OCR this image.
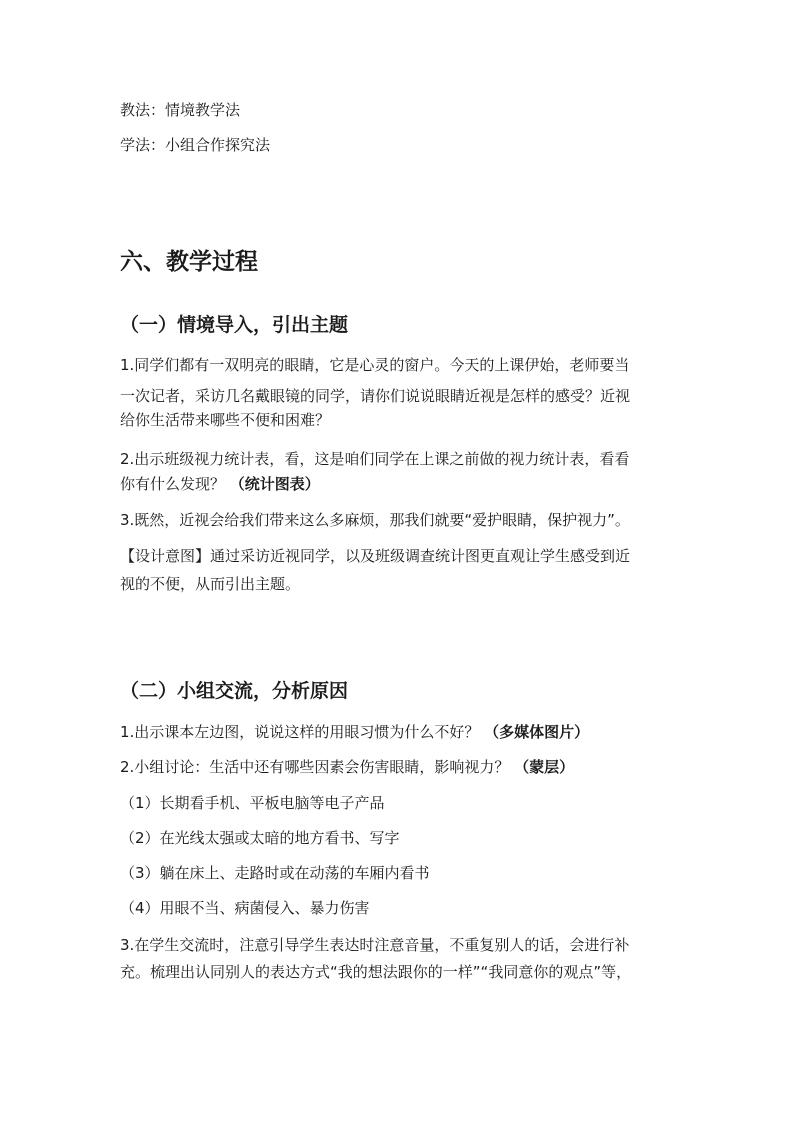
教法：情境教学法
学法：小组合作探究法
六、教学过程
（一）情境导入，引出主题
1.同学们都有一双明亮的眼睛，它是心灵的窗户。今天的上课伊始，老师要当
一次记者，采访几名戴眼镜的同学，请你们说说眼睛近视是怎样的感受？近视
给你生活带来哪些不便和困难？
2.出示班级视力统计表，看，这是咱们同学在上课之前做的视力统计表，看看
你有什么发现？ （统计图表）
3.既然，近视会给我们带来这么多麻烦，那我们就要“爱护眼睛，保护视力”。
【设计意图】通过采访近视同学，以及班级调查统计图更直观让学生感受到近
视的不便，从而引出主题。
（二）小组交流，分析原因
1.出示课本左边图，说说这样的用眼习惯为什么不好？ （多媒体图片）
2.小组讨论：生活中还有哪些因素会伤害眼睛，影响视力？ （蒙层）
（1）长期看手机、平板电脑等电子产品
（2）在光线太强或太暗的地方看书、写字
（3）躺在床上、走路时或在动荡的车厢内看书
（4）用眼不当、病菌侵入、暴力伤害
3.在学生交流时，注意引导学生表达时注意音量，不重复别人的话，会进行补
充。梳理出认同别人的表达方式“我的想法跟你的一样”“我同意你的观点”等，
